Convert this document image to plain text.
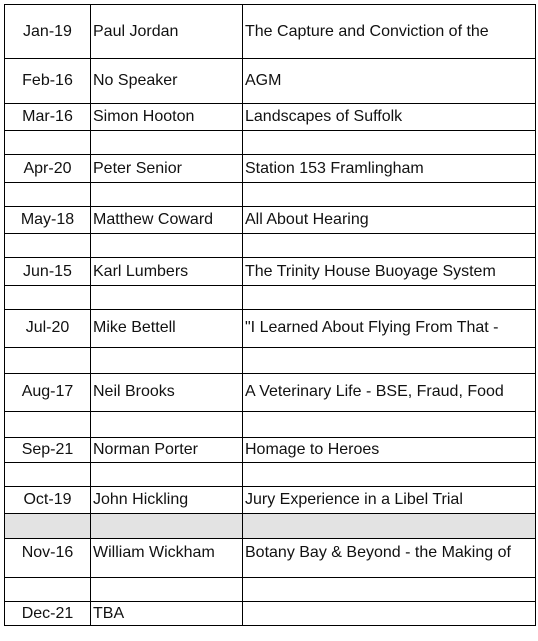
Jan-19	Paul Jordan	The Capture and Conviction of the
Feb-16	No Speaker	AGM
Mar-16	Simon Hooton	Landscapes of Suffolk

Apr-20	Peter Senior	Station 153 Framlingham

May-18	Matthew Coward	All About Hearing

Jun-15	Karl Lumbers	The Trinity House Buoyage System

Jul-20	Mike Bettell	"I Learned About Flying From That -

Aug-17	Neil Brooks	A Veterinary Life - BSE, Fraud, Food

Sep-21	Norman Porter	Homage to Heroes

Oct-19	John Hickling	Jury Experience in a Libel Trial

Nov-16	William Wickham	Botany Bay & Beyond - the Making of

Dec-21	TBA	
